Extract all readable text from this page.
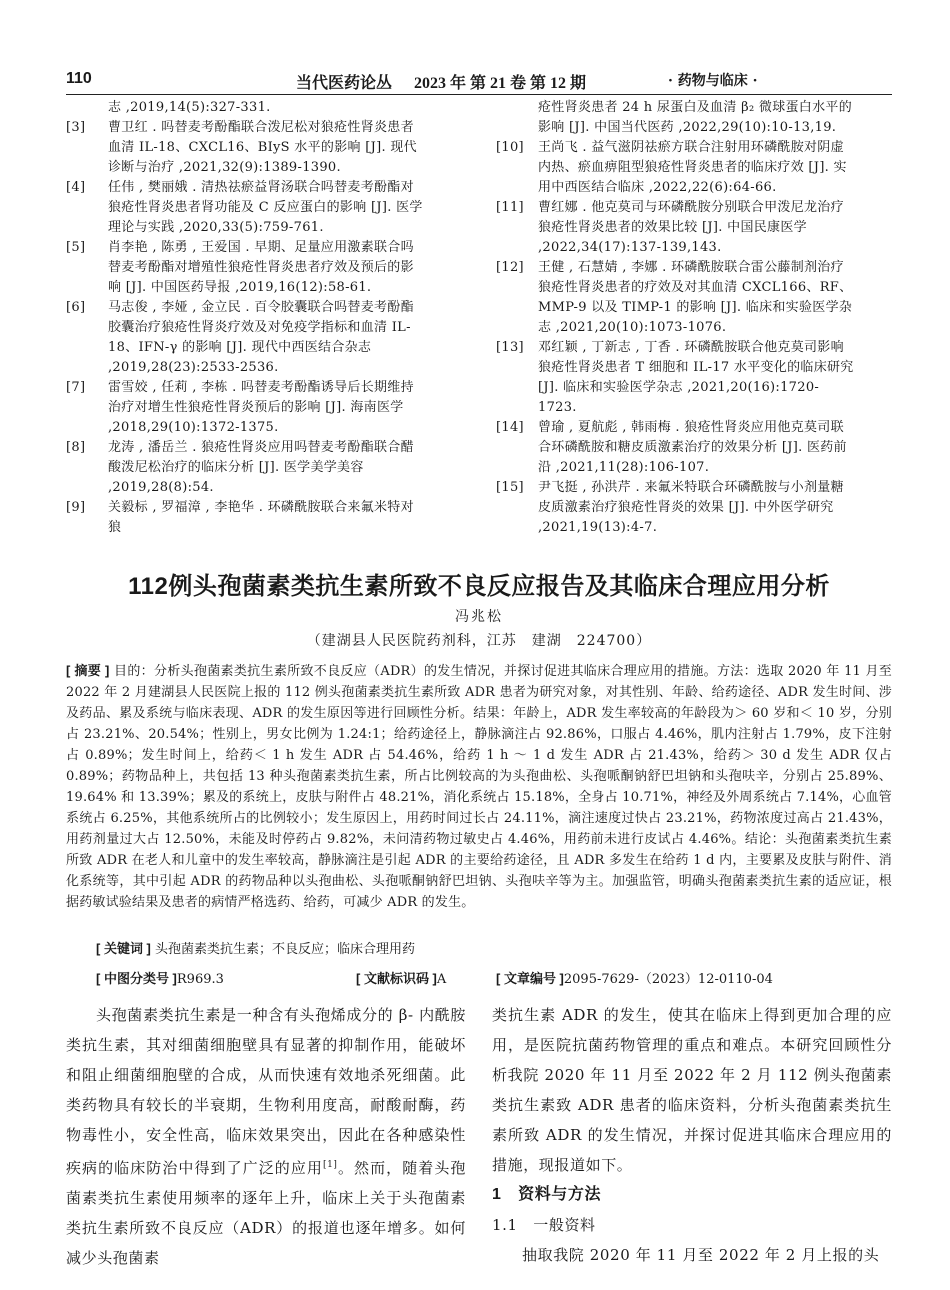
110	当代医药论丛 2023 年 第 21 卷 第 12 期	· 药物与临床 ·

志 ,2019,14(5):327-331.

[3] 曹卫红 . 吗替麦考酚酯联合泼尼松对狼疮性肾炎患者血清 IL-18、CXCL16、BIyS 水平的影响 [J]. 现代诊断与治疗 ,2021,32(9):1389-1390.

[4] 任伟 , 樊丽娥 . 清热祛瘀益肾汤联合吗替麦考酚酯对狼疮性肾炎患者肾功能及 C 反应蛋白的影响 [J]. 医学理论与实践 ,2020,33(5):759-761.

[5] 肖李艳 , 陈勇 , 王爱国 . 早期、足量应用激素联合吗替麦考酚酯对增殖性狼疮性肾炎患者疗效及预后的影响 [J]. 中国医药导报 ,2019,16(12):58-61.

[6] 马志俊 , 李娅 , 金立民 . 百令胶囊联合吗替麦考酚酯胶囊治疗狼疮性肾炎疗效及对免疫学指标和血清 IL-18、IFN-γ 的影响 [J]. 现代中西医结合杂志 ,2019,28(23):2533-2536.

[7] 雷雪姣 , 任莉 , 李栋 . 吗替麦考酚酯诱导后长期维持治疗对增生性狼疮性肾炎预后的影响 [J]. 海南医学 ,2018,29(10):1372-1375.

[8] 龙涛 , 潘岳兰 . 狼疮性肾炎应用吗替麦考酚酯联合醋酸泼尼松治疗的临床分析 [J]. 医学美学美容 ,2019,28(8):54.

[9] 关毅标 , 罗福漳 , 李艳华 . 环磷酰胺联合来氟米特对狼

疮性肾炎患者 24 h 尿蛋白及血清 β₂ 微球蛋白水平的影响 [J]. 中国当代医药 ,2022,29(10):10-13,19.

[10] 王尚飞 . 益气滋阴祛瘀方联合注射用环磷酰胺对阴虚内热、瘀血痹阻型狼疮性肾炎患者的临床疗效 [J]. 实用中西医结合临床 ,2022,22(6):64-66.

[11] 曹红娜 . 他克莫司与环磷酰胺分别联合甲泼尼龙治疗狼疮性肾炎患者的效果比较 [J]. 中国民康医学 ,2022,34(17):137-139,143.

[12] 王健 , 石慧婧 , 李娜 . 环磷酰胺联合雷公藤制剂治疗狼疮性肾炎患者的疗效及对其血清 CXCL166、RF、MMP-9 以及 TIMP-1 的影响 [J]. 临床和实验医学杂志 ,2021,20(10):1073-1076.

[13] 邓红颖 , 丁新志 , 丁香 . 环磷酰胺联合他克莫司影响狼疮性肾炎患者 T 细胞和 IL-17 水平变化的临床研究 [J]. 临床和实验医学杂志 ,2021,20(16):1720-1723.

[14] 曾瑜 , 夏航彪 , 韩雨梅 . 狼疮性肾炎应用他克莫司联合环磷酰胺和糖皮质激素治疗的效果分析 [J]. 医药前沿 ,2021,11(28):106-107.

[15] 尹飞挺 , 孙洪芹 . 来氟米特联合环磷酰胺与小剂量糖皮质激素治疗狼疮性肾炎的效果 [J]. 中外医学研究 ,2021,19(13):4-7.

112例头孢菌素类抗生素所致不良反应报告及其临床合理应用分析
冯兆松
（建湖县人民医院药剂科，江苏　建湖　224700）
[ 摘要 ] 目的：分析头孢菌素类抗生素所致不良反应（ADR）的发生情况，并探讨促进其临床合理应用的措施。方法：选取 2020 年 11 月至 2022 年 2 月建湖县人民医院上报的 112 例头孢菌素类抗生素所致 ADR 患者为研究对象，对其性别、年龄、给药途径、ADR 发生时间、涉及药品、累及系统与临床表现、ADR 的发生原因等进行回顾性分析。结果：年龄上，ADR 发生率较高的年龄段为＞ 60 岁和＜ 10 岁，分别占 23.21%、20.54%；性别上，男女比例为 1.24:1；给药途径上，静脉滴注占 92.86%，口服占 4.46%，肌内注射占 1.79%，皮下注射占 0.89%；发生时间上，给药＜ 1 h 发生 ADR 占 54.46%，给药 1 h ～ 1 d 发生 ADR 占 21.43%，给药＞ 30 d 发生 ADR 仅占 0.89%；药物品种上，共包括 13 种头孢菌素类抗生素，所占比例较高的为头孢曲松、头孢哌酮钠舒巴坦钠和头孢呋辛，分别占 25.89%、19.64% 和 13.39%；累及的系统上，皮肤与附件占 48.21%，消化系统占 15.18%，全身占 10.71%，神经及外周系统占 7.14%，心血管系统占 6.25%，其他系统所占的比例较小；发生原因上，用药时间过长占 24.11%，滴注速度过快占 23.21%，药物浓度过高占 21.43%，用药剂量过大占 12.50%，未能及时停药占 9.82%，未问清药物过敏史占 4.46%，用药前未进行皮试占 4.46%。结论：头孢菌素类抗生素所致 ADR 在老人和儿童中的发生率较高，静脉滴注是引起 ADR 的主要给药途径，且 ADR 多发生在给药 1 d 内，主要累及皮肤与附件、消化系统等，其中引起 ADR 的药物品种以头孢曲松、头孢哌酮钠舒巴坦钠、头孢呋辛等为主。加强监管，明确头孢菌素类抗生素的适应证，根据药敏试验结果及患者的病情严格选药、给药，可减少 ADR 的发生。
[ 关键词 ] 头孢菌素类抗生素；不良反应；临床合理用药
[ 中图分类号 ]R969.3	[ 文献标识码 ]A	[ 文章编号 ]2095-7629-（2023）12-0110-04

头孢菌素类抗生素是一种含有头孢烯成分的 β- 内酰胺类抗生素，其对细菌细胞壁具有显著的抑制作用，能破坏和阻止细菌细胞壁的合成，从而快速有效地杀死细菌。此类药物具有较长的半衰期，生物利用度高，耐酸耐酶，药物毒性小，安全性高，临床效果突出，因此在各种感染性疾病的临床防治中得到了广泛的应用[1]。然而，随着头孢菌素类抗生素使用频率的逐年上升，临床上关于头孢菌素类抗生素所致不良反应（ADR）的报道也逐年增多。如何减少头孢菌素

类抗生素 ADR 的发生，使其在临床上得到更加合理的应用，是医院抗菌药物管理的重点和难点。本研究回顾性分析我院 2020 年 11 月至 2022 年 2 月 112 例头孢菌素类抗生素致 ADR 患者的临床资料，分析头孢菌素类抗生素所致 ADR 的发生情况，并探讨促进其临床合理应用的措施，现报道如下。

1　资料与方法
1.1　一般资料

抽取我院 2020 年 11 月至 2022 年 2 月上报的头
